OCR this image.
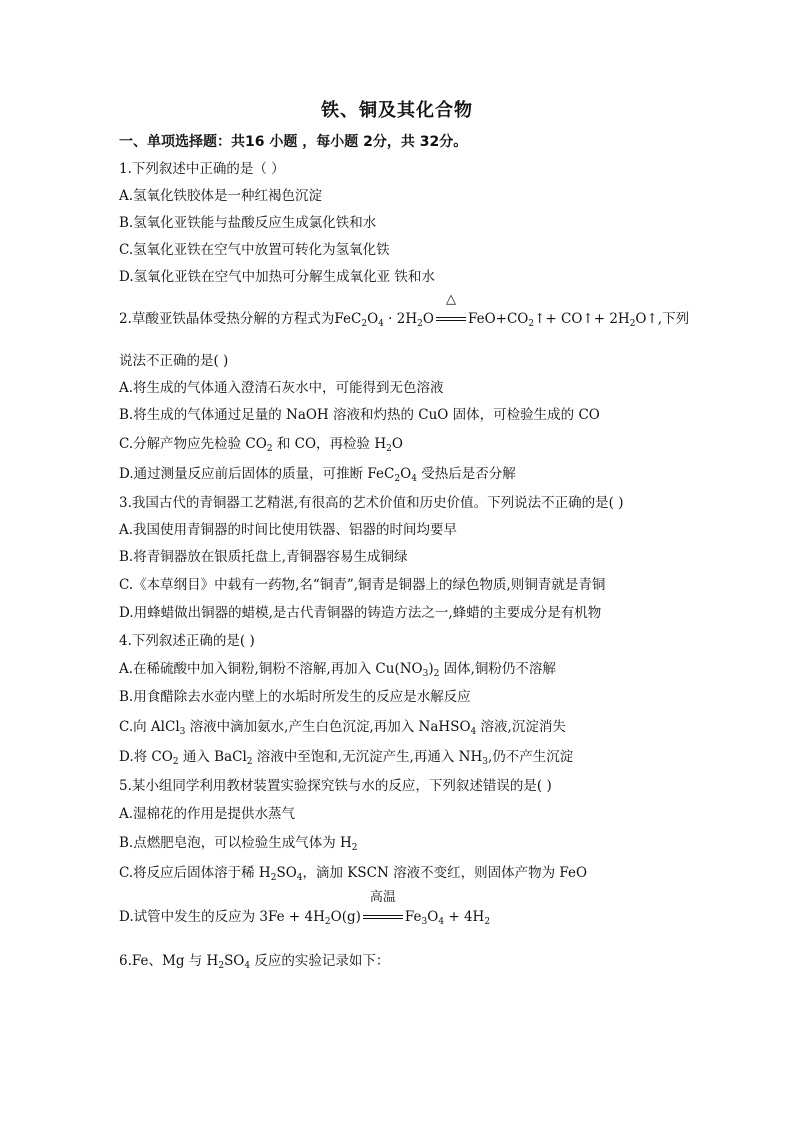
铁、铜及其化合物
一、单项选择题：共16 小题 ，每小题 2分，共 32分。
1.下列叙述中正确的是（ ）
A.氢氧化铁胶体是一种红褐色沉淀
B.氢氧化亚铁能与盐酸反应生成氯化铁和水
C.氢氧化亚铁在空气中放置可转化为氢氧化铁
D.氢氧化亚铁在空气中加热可分解生成氧化亚 铁和水
2.草酸亚铁晶体受热分解的方程式为$FeC_2O_4 \cdot 2H_2O$
△
$FeO+CO_2↑+$ CO↑+ $2H_2O↑$,下列
说法不正确的是( )
A.将生成的气体通入澄清石灰水中，可能得到无色溶液
B.将生成的气体通过足量的 NaOH 溶液和灼热的 CuO 固体，可检验生成的 CO
C.分解产物应先检验 $CO_2$ 和 CO，再检验 $H_2O$
D.通过测量反应前后固体的质量，可推断 $FeC_2O_4$ 受热后是否分解
3.我国古代的青铜器工艺精湛,有很高的艺术价值和历史价值。下列说法不正确的是( )
A.我国使用青铜器的时间比使用铁器、铝器的时间均要早
B.将青铜器放在银质托盘上,青铜器容易生成铜绿
C.《本草纲目》中载有一药物,名“铜青”,铜青是铜器上的绿色物质,则铜青就是青铜
D.用蜂蜡做出铜器的蜡模,是古代青铜器的铸造方法之一,蜂蜡的主要成分是有机物
4.下列叙述正确的是( )
A.在稀硫酸中加入铜粉,铜粉不溶解,再加入 $Cu(NO_3)_2$ 固体,铜粉仍不溶解
B.用食醋除去水壶内壁上的水垢时所发生的反应是水解反应
C.向 AlCl$_3$ 溶液中滴加氨水,产生白色沉淀,再加入 NaHSO$_4$ 溶液,沉淀消失
D.将 $CO_2$ 通入 BaCl$_2$ 溶液中至饱和,无沉淀产生,再通入 $NH_3$,仍不产生沉淀
5.某小组同学利用教材装置实验探究铁与水的反应，下列叙述错误的是( )
A.湿棉花的作用是提供水蒸气
B.点燃肥皂泡，可以检验生成气体为 $H_2$
C.将反应后固体溶于稀 $H_2SO_4$，滴加 KSCN 溶液不变红，则固体产物为 FeO
D.试管中发生的反应为 $3Fe + 4H_2O(g)$
高温
$Fe_3O_4 + 4H_2$
6.Fe、Mg 与 $H_2SO_4$ 反应的实验记录如下：
